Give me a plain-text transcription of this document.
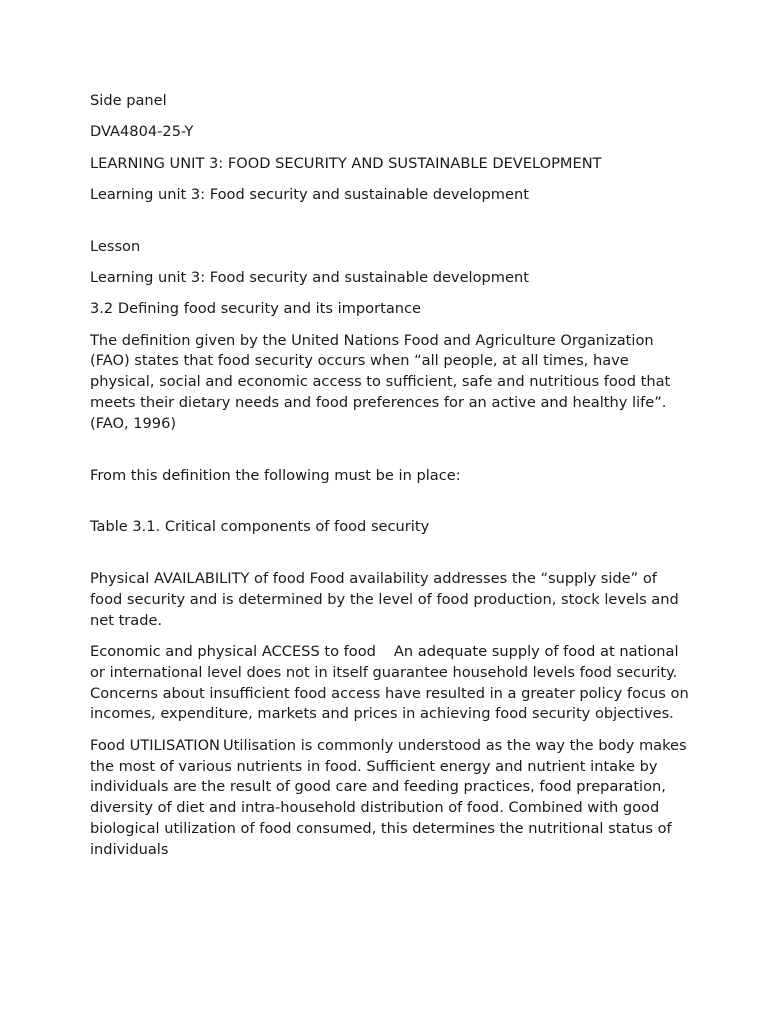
Side panel

DVA4804-25-Y

LEARNING UNIT 3: FOOD SECURITY AND SUSTAINABLE DEVELOPMENT

Learning unit 3: Food security and sustainable development

Lesson

Learning unit 3: Food security and sustainable development

3.2 Defining food security and its importance

The definition given by the United Nations Food and Agriculture Organization (FAO) states that food security occurs when “all people, at all times, have physical, social and economic access to sufficient, safe and nutritious food that meets their dietary needs and food preferences for an active and healthy life”. (FAO, 1996)

From this definition the following must be in place:

Table 3.1. Critical components of food security

Physical AVAILABILITY of food Food availability addresses the “supply side” of food security and is determined by the level of food production, stock levels and net trade.

Economic and physical ACCESS to food An adequate supply of food at national or international level does not in itself guarantee household levels food security. Concerns about insufficient food access have resulted in a greater policy focus on incomes, expenditure, markets and prices in achieving food security objectives.

Food UTILISATION Utilisation is commonly understood as the way the body makes the most of various nutrients in food. Sufficient energy and nutrient intake by individuals are the result of good care and feeding practices, food preparation, diversity of diet and intra-household distribution of food. Combined with good biological utilization of food consumed, this determines the nutritional status of individuals
